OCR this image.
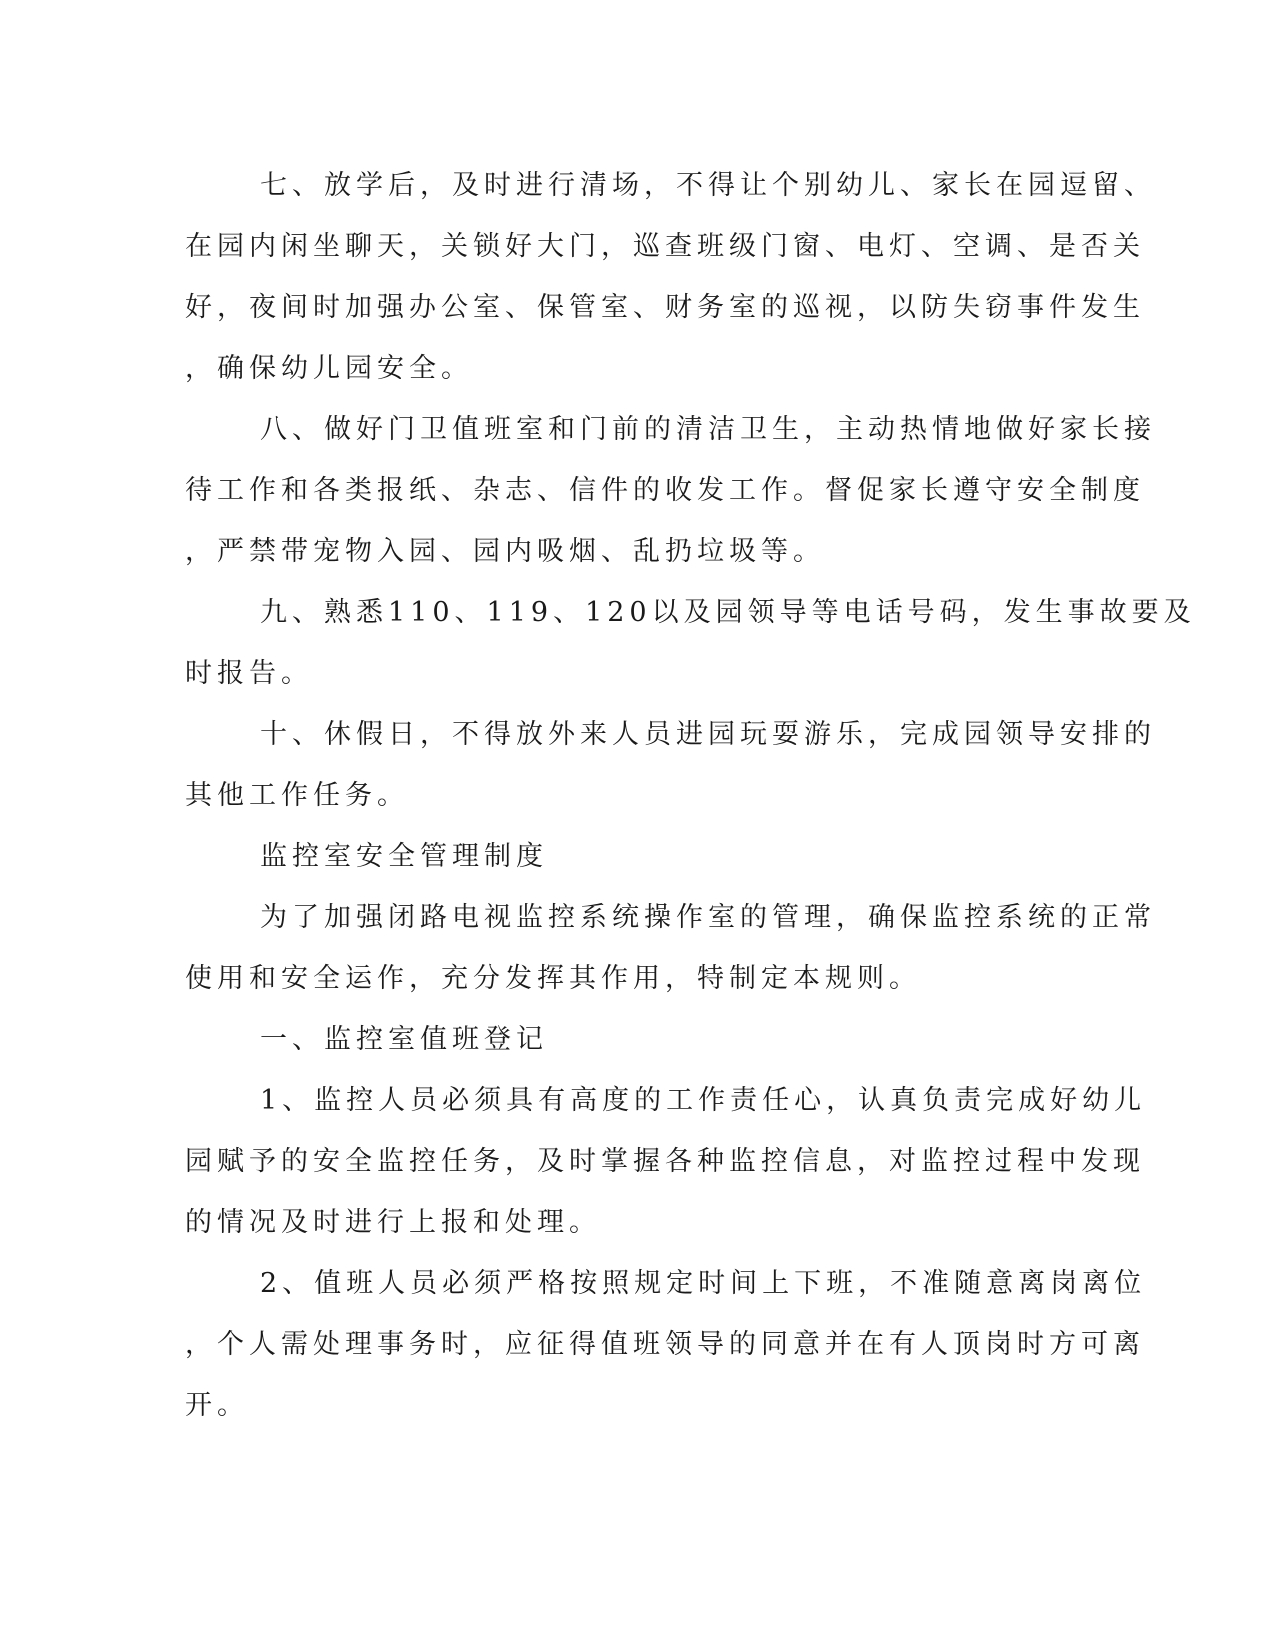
七、放学后，及时进行清场，不得让个别幼儿、家长在园逗留、
在园内闲坐聊天，关锁好大门，巡查班级门窗、电灯、空调、是否关
好，夜间时加强办公室、保管室、财务室的巡视，以防失窃事件发生
，确保幼儿园安全。
八、做好门卫值班室和门前的清洁卫生，主动热情地做好家长接
待工作和各类报纸、杂志、信件的收发工作。督促家长遵守安全制度
，严禁带宠物入园、园内吸烟、乱扔垃圾等。
九、熟悉110、119、120以及园领导等电话号码，发生事故要及
时报告。
十、休假日，不得放外来人员进园玩耍游乐，完成园领导安排的
其他工作任务。
监控室安全管理制度
为了加强闭路电视监控系统操作室的管理，确保监控系统的正常
使用和安全运作，充分发挥其作用，特制定本规则。
一、监控室值班登记
1、监控人员必须具有高度的工作责任心，认真负责完成好幼儿
园赋予的安全监控任务，及时掌握各种监控信息，对监控过程中发现
的情况及时进行上报和处理。
2、值班人员必须严格按照规定时间上下班，不准随意离岗离位
，个人需处理事务时，应征得值班领导的同意并在有人顶岗时方可离
开。
